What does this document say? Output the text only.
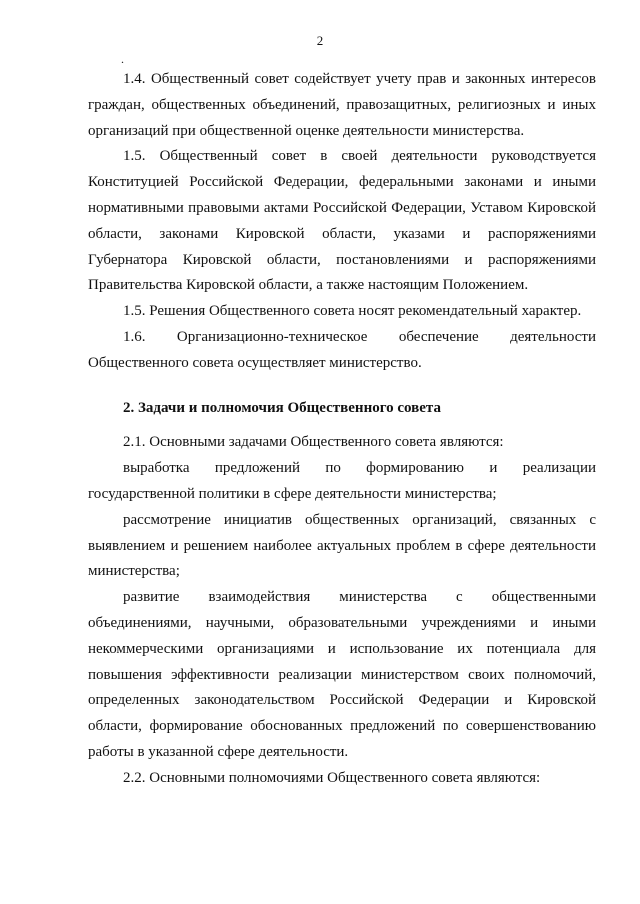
2
.

1.4. Общественный совет содействует учету прав и законных интересов граждан, общественных объединений, правозащитных, религиозных и иных организаций при общественной оценке деятельности министерства.

1.5. Общественный совет в своей деятельности руководствуется Конституцией Российской Федерации, федеральными законами и иными нормативными правовыми актами Российской Федерации, Уставом Кировской области, законами Кировской области, указами и распоряжениями Губернатора Кировской области, постановлениями и распоряжениями Правительства Кировской области, а также настоящим Положением.

1.5. Решения Общественного совета носят рекомендательный характер.

1.6. Организационно-техническое обеспечение деятельности Общественного совета осуществляет министерство.

2. Задачи и полномочия Общественного совета

2.1. Основными задачами Общественного совета являются:

выработка предложений по формированию и реализации государственной политики в сфере деятельности министерства;

рассмотрение инициатив общественных организаций, связанных с выявлением и решением наиболее актуальных проблем в сфере деятельности министерства;

развитие взаимодействия министерства с общественными объединениями, научными, образовательными учреждениями и иными некоммерческими организациями и использование их потенциала для повышения эффективности реализации министерством своих полномочий, определенных законодательством Российской Федерации и Кировской области, формирование обоснованных предложений по совершенствованию работы в указанной сфере деятельности.

2.2. Основными полномочиями Общественного совета являются:
